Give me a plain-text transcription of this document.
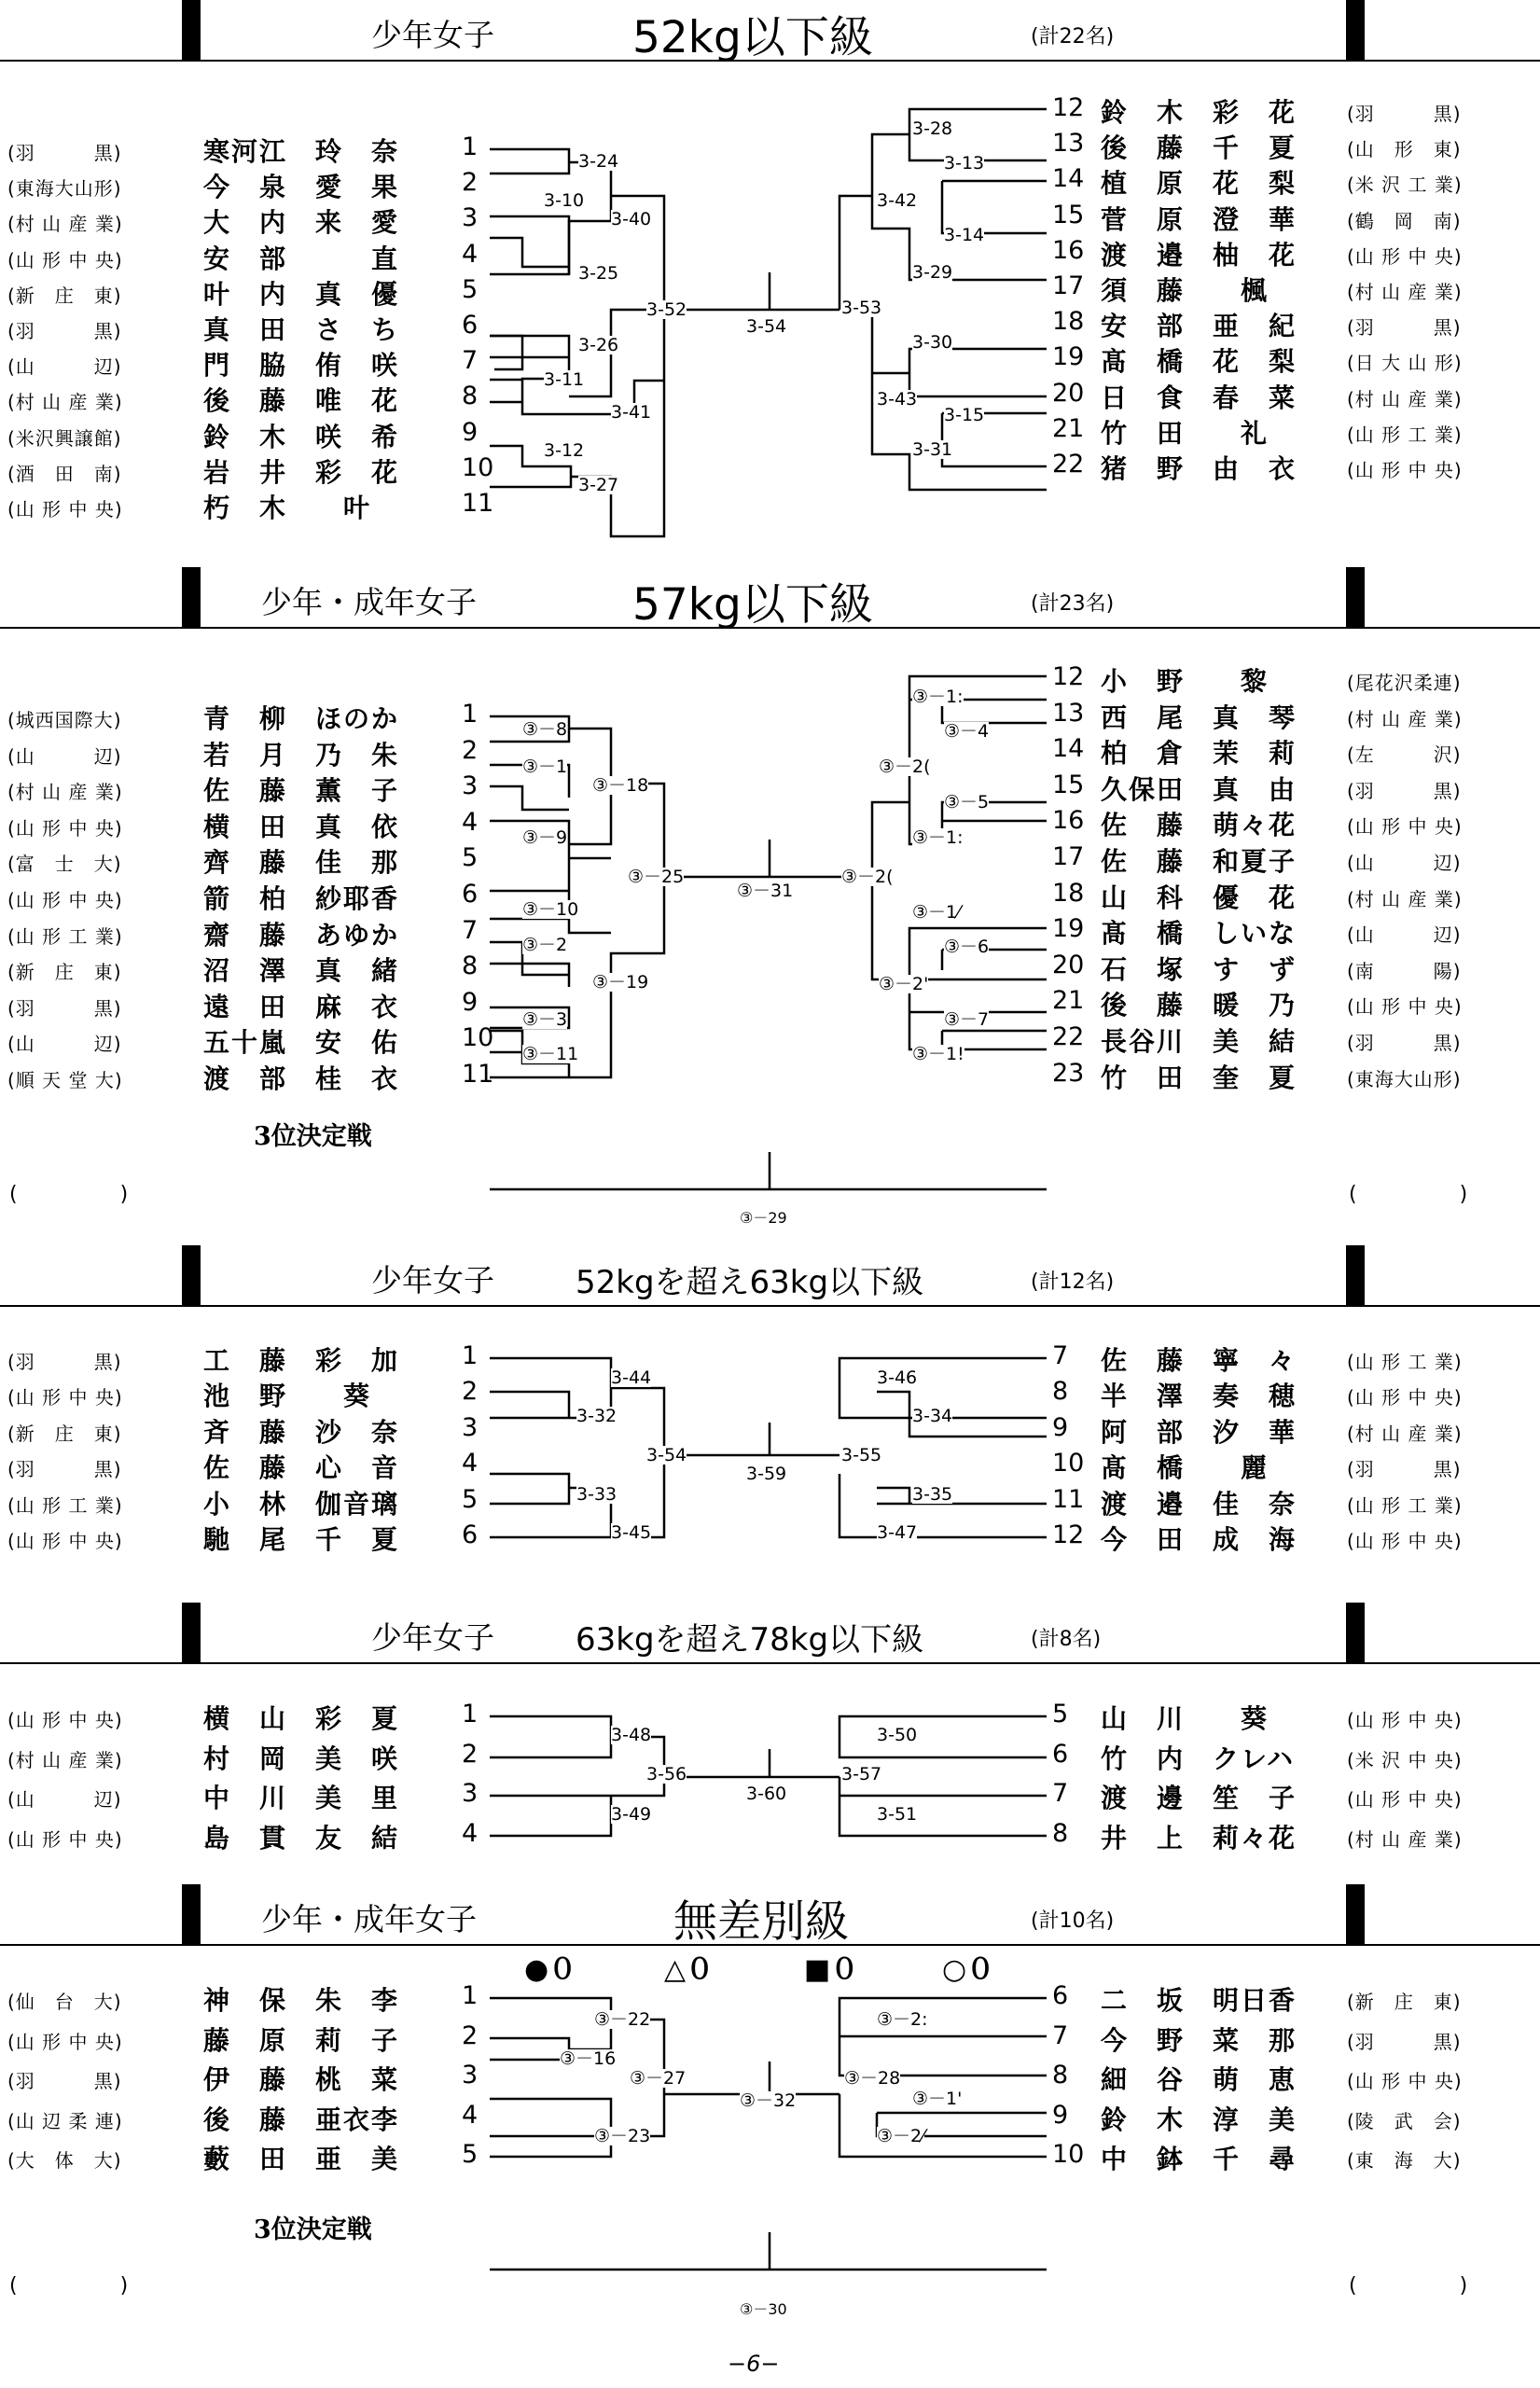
少年女子	52kg以下級	(計22名)
少年・成年女子	57kg以下級	(計23名)
3位決定戦
(　　　　　)	(　　　　　)
③－29
少年女子	52kgを超え63kg以下級	(計12名)
少年女子	63kgを超え78kg以下級	(計8名)
少年・成年女子	無差別級	(計10名)
●０	△０	■０	○０
3位決定戦
(　　　　　)	(　　　　　)
③－30
−6−
(羽　　　黒)	寒河江　玲　奈 1
(東海大山形)	今　泉　愛　果 2
(村 山 産 業)	大　内　来　愛 3
(山 形 中 央)	安　部　　　直 4
(新　庄　東)	叶　内　真　優 5
(羽　　　黒)	真　田　さ　ち 6
(山　　　辺)	門　脇　侑　咲 7
(村 山 産 業)	後　藤　唯　花 8
(米沢興譲館)	鈴　木　咲　希 9
(酒　田　南)	岩　井　彩　花 10
(山 形 中 央)	朽　木　　叶	11
12 鈴　木　彩　花	(羽　　　黒)
13 後　藤　千　夏	(山　形　東)
14 植　原　花　梨	(米 沢 工 業)
15 菅　原　澄　華	(鶴　岡　南)
16 渡　邉　柚　花	(山 形 中 央)
17 須　藤　　楓	(村 山 産 業)
18 安　部　亜　紀	(羽　　　黒)
19 髙　橋　花　梨	(日 大 山 形)
20 日　食　春　菜	(村 山 産 業)
21 竹　田　　礼	(山 形 工 業)
22 猪　野　由　衣	(山 形 中 央)
(城西国際大)	青　柳　ほのか 1
(山　　　辺)	若　月　乃　朱 2
(村 山 産 業)	佐　藤　薫　子 3
(山 形 中 央)	横　田　真　依 4
(富　士　大)	齊　藤　佳　那 5
(山 形 中 央)	箭　柏　紗耶香 6
(山 形 工 業)	齋　藤　あゆか 7
(新　庄　東)	沼　澤　真　緒 8
(羽　　　黒)	遠　田　麻　衣 9
(山　　　辺)	五十嵐　安　佑 10
(順 天 堂 大)	渡　部　桂　衣 11
12 小　野　　黎	(尾花沢柔連)
13 西　尾　真　琴	(村 山 産 業)
14 柏　倉　茉　莉	(左　　　沢)
15 久保田　真　由	(羽　　　黒)
16 佐　藤　萌々花	(山 形 中 央)
17 佐　藤　和夏子	(山　　　辺)
18 山　科　優　花	(村 山 産 業)
19 髙　橋　しいな	(山　　　辺)
20 石　塚　す　ず	(南　　　陽)
21 後　藤　暖　乃	(山 形 中 央)
22 長谷川　美　結	(羽　　　黒)
23 竹　田　奎　夏	(東海大山形)
(羽　　　黒)	工　藤　彩　加 1
(山 形 中 央)	池　野　　葵	2
(新　庄　東)	斉　藤　沙　奈 3
(羽　　　黒)	佐　藤　心　音 4
(山 形 工 業)	小　林　伽音璃 5
(山 形 中 央)	馳　尾　千　夏 6
7 佐　藤　寧　々	(山 形 工 業)
8 半　澤　奏　穂	(山 形 中 央)
9 阿　部　汐　華	(村 山 産 業)
10 髙　橋　　麗	(羽　　　黒)
11 渡　邉　佳　奈	(山 形 工 業)
12 今　田　成　海	(山 形 中 央)
(山 形 中 央)	横　山　彩　夏 1
(村 山 産 業)	村　岡　美　咲 2
(山　　　辺)	中　川　美　里 3
(山 形 中 央)	島　貫　友　結 4
5 山　川　　葵	(山 形 中 央)
6 竹　内　クレハ	(米 沢 中 央)
7 渡　邊　笙　子	(山 形 中 央)
8 井　上　莉々花	(村 山 産 業)
(仙　台　大)	神　保　朱　李 1
(山 形 中 央)	藤　原　莉　子 2
(羽　　　黒)	伊　藤　桃　菜 3
(山 辺 柔 連)	後　藤　亜衣李 4
(大　体　大)	藪　田　亜　美 5
6 二　坂　明日香	(新　庄　東)
7 今　野　菜　那	(羽　　　黒)
8 細　谷　萌　恵	(山 形 中 央)
9 鈴　木　淳　美	(陵　武　会)
10 中　鉢　千　尋	(東　海　大)
3-24
3-10
3-40
3-25
3-52
3-26
3-11
3-41
3-12
3-27
3-54
3-28
3-13
3-42
3-14
3-29
3-53
3-30
3-43
3-15
3-31
③－8
③－1
③－18
③－9
③－25
③－10
③－2
③－19
③－3
③－11
③－31
③－1:
③－4
③－2(
③－5
③－1:
③－2(
③－1⁄
③－6
③－2'
③－7
③－1!
3-44
3-32
3-54
3-33
3-45
3-59
3-46
3-34
3-55
3-35
3-47
3-48
3-56
3-49
3-60
3-50
3-57
3-51
③－22
③－16
③－27
③－23
③－32
③－2:
③－28
③－1'
③－2⁄
